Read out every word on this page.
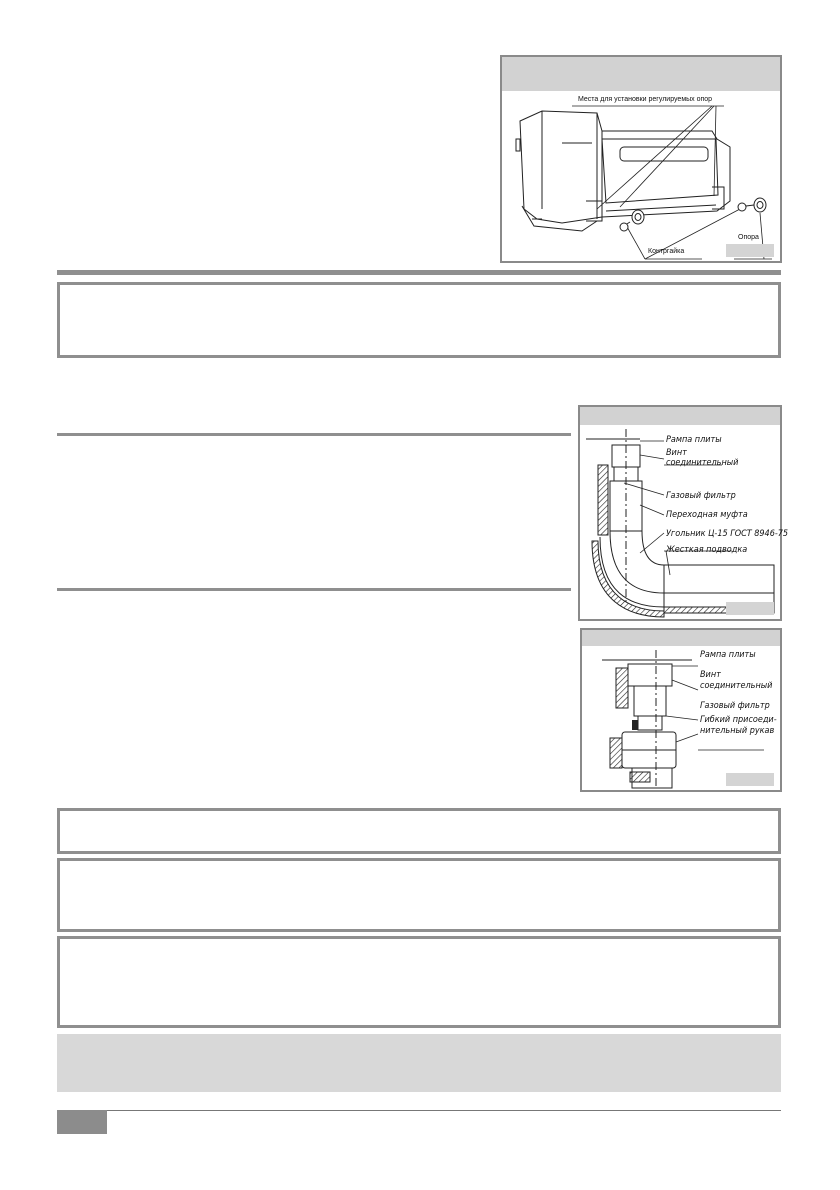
Места для установки регулируемых опор
Контргайка
Опора
Рампа плиты
Винт
соединительный
Газовый фильтр
Переходная муфта
Угольник Ц-15 ГОСТ 8946-75
Жесткая подводка
Рампа плиты
Винт
соединительный
Газовый фильтр
Гибкий присоеди-
нительный рукав
